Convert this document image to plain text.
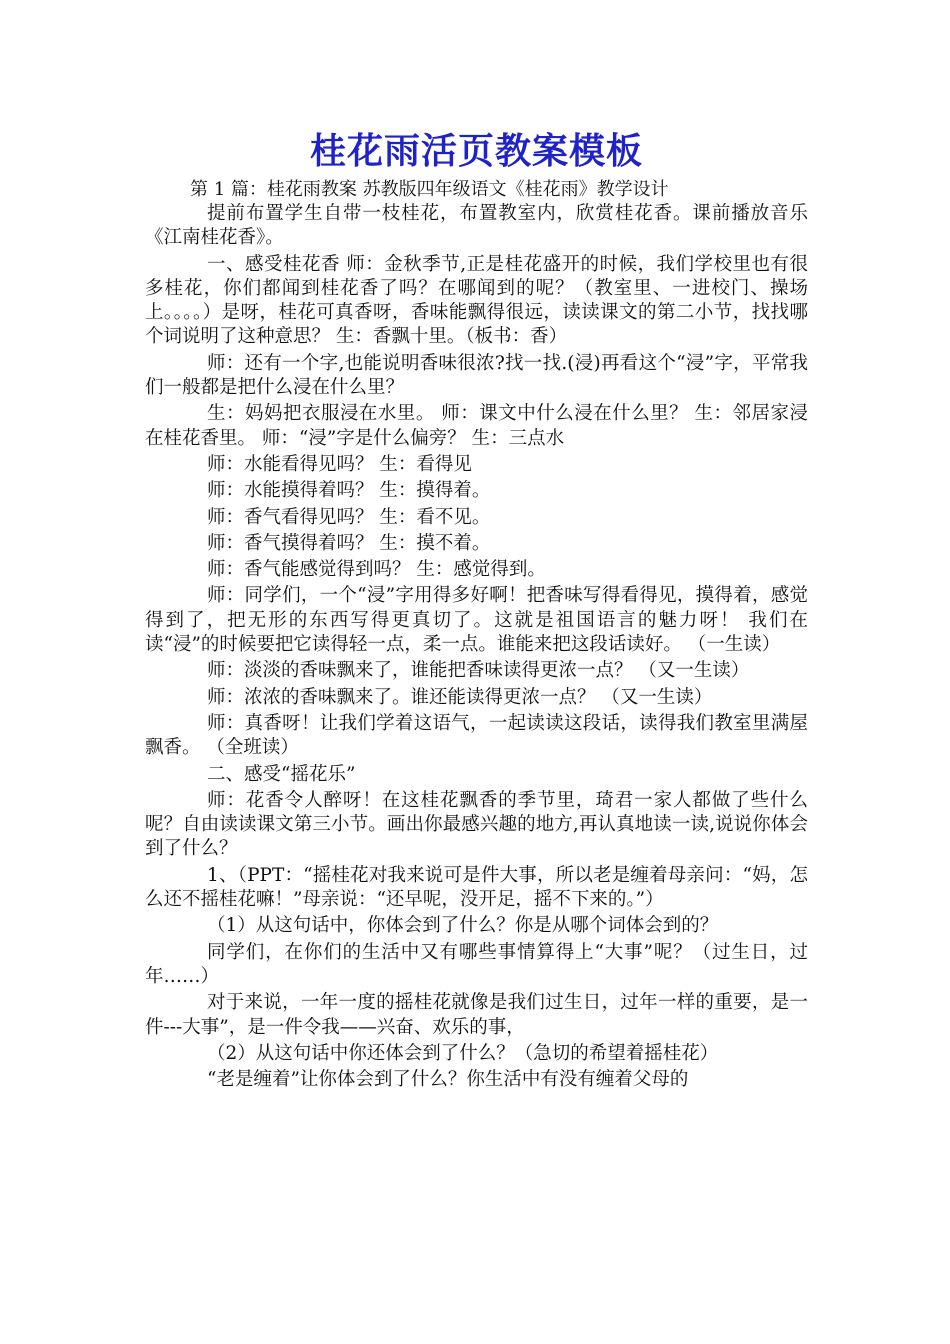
桂花雨活页教案模板

第 1 篇：桂花雨教案 苏教版四年级语文《桂花雨》教学设计

提前布置学生自带一枝桂花，布置教室内，欣赏桂花香。课前播放音乐《江南桂花香》。

一、感受桂花香 师：金秋季节,正是桂花盛开的时候，我们学校里也有很多桂花，你们都闻到桂花香了吗？在哪闻到的呢？（教室里、一进校门、操场上。。。。）是呀，桂花可真香呀，香味能飘得很远，读读课文的第二小节，找找哪个词说明了这种意思？ 生：香飘十里。（板书：香）

师：还有一个字,也能说明香味很浓?找一找.(浸)再看这个“浸”字，平常我们一般都是把什么浸在什么里？

生：妈妈把衣服浸在水里。 师：课文中什么浸在什么里？ 生：邻居家浸在桂花香里。 师：“浸”字是什么偏旁？ 生：三点水

师：水能看得见吗？ 生：看得见

师：水能摸得着吗？ 生：摸得着。

师：香气看得见吗？ 生：看不见。

师：香气摸得着吗？ 生：摸不着。

师：香气能感觉得到吗？ 生：感觉得到。

师：同学们，一个“浸”字用得多好啊！把香味写得看得见，摸得着，感觉得到了，把无形的东西写得更真切了。这就是祖国语言的魅力呀！ 我们在读“浸”的时候要把它读得轻一点，柔一点。谁能来把这段话读好。 （一生读）

师：淡淡的香味飘来了，谁能把香味读得更浓一点？ （又一生读）

师：浓浓的香味飘来了。谁还能读得更浓一点？ （又一生读）

师：真香呀！让我们学着这语气，一起读读这段话，读得我们教室里满屋飘香。 （全班读）

二、感受“摇花乐”

师：花香令人醉呀！在这桂花飘香的季节里，琦君一家人都做了些什么呢？自由读读课文第三小节。画出你最感兴趣的地方,再认真地读一读,说说你体会到了什么？

1、（PPT：“摇桂花对我来说可是件大事，所以老是缠着母亲问：“妈，怎么还不摇桂花嘛！”母亲说：“还早呢，没开足，摇不下来的。”）

（1）从这句话中，你体会到了什么？你是从哪个词体会到的？

同学们，在你们的生活中又有哪些事情算得上“大事”呢？（过生日，过年……）

对于来说，一年一度的摇桂花就像是我们过生日，过年一样的重要，是一件---大事”，是一件令我——兴奋、欢乐的事，

（2）从这句话中你还体会到了什么？（急切的希望着摇桂花）

“老是缠着”让你体会到了什么？你生活中有没有缠着父母的
